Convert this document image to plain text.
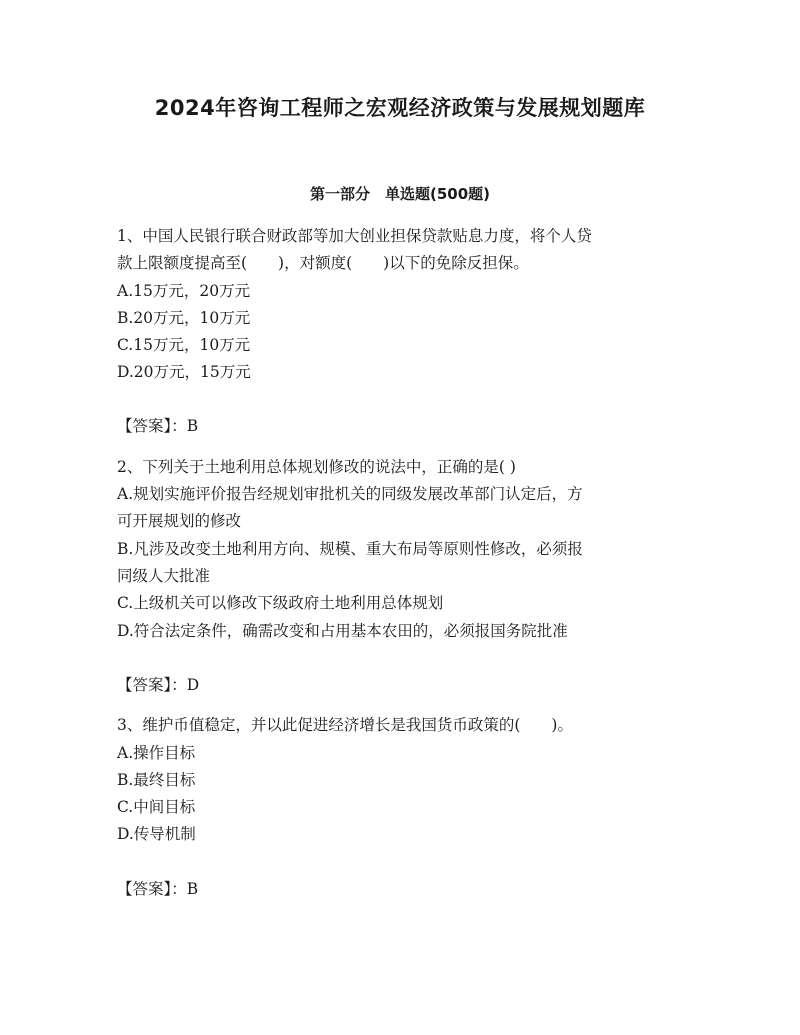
2024年咨询工程师之宏观经济政策与发展规划题库
第一部分　单选题(500题)
1、中国人民银行联合财政部等加大创业担保贷款贴息力度，将个人贷
款上限额度提高至(　　)，对额度(　　)以下的免除反担保。
A.15万元，20万元
B.20万元，10万元
C.15万元，10万元
D.20万元，15万元
【答案】：B
2、下列关于土地利用总体规划修改的说法中，正确的是( )
A.规划实施评价报告经规划审批机关的同级发展改革部门认定后，方
可开展规划的修改
B.凡涉及改变土地利用方向、规模、重大布局等原则性修改，必须报
同级人大批准
C.上级机关可以修改下级政府土地利用总体规划
D.符合法定条件，确需改变和占用基本农田的，必须报国务院批准
【答案】：D
3、维护币值稳定，并以此促进经济增长是我国货币政策的(　　)。
A.操作目标
B.最终目标
C.中间目标
D.传导机制
【答案】：B
